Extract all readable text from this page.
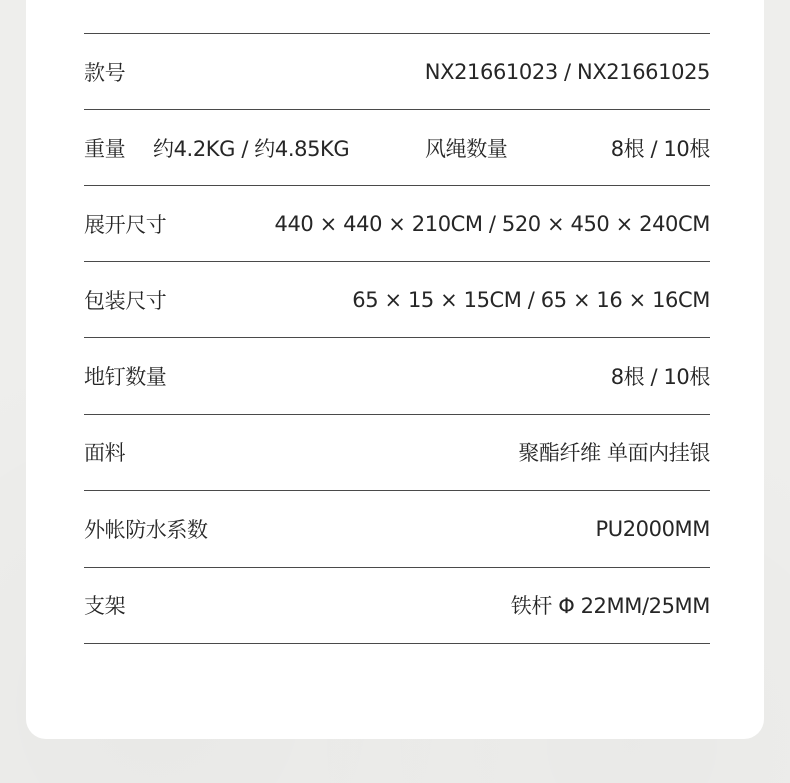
款号	NX21661023 / NX21661025
重量 约4.2KG / 约4.85KG	风绳数量	8根 / 10根
展开尺寸	440 × 440 × 210CM / 520 × 450 × 240CM
包装尺寸	65 × 15 × 15CM / 65 × 16 × 16CM
地钉数量	8根 / 10根
面料	聚酯纤维 单面内挂银
外帐防水系数	PU2000MM
支架	铁杆 Φ 22MM/25MM
